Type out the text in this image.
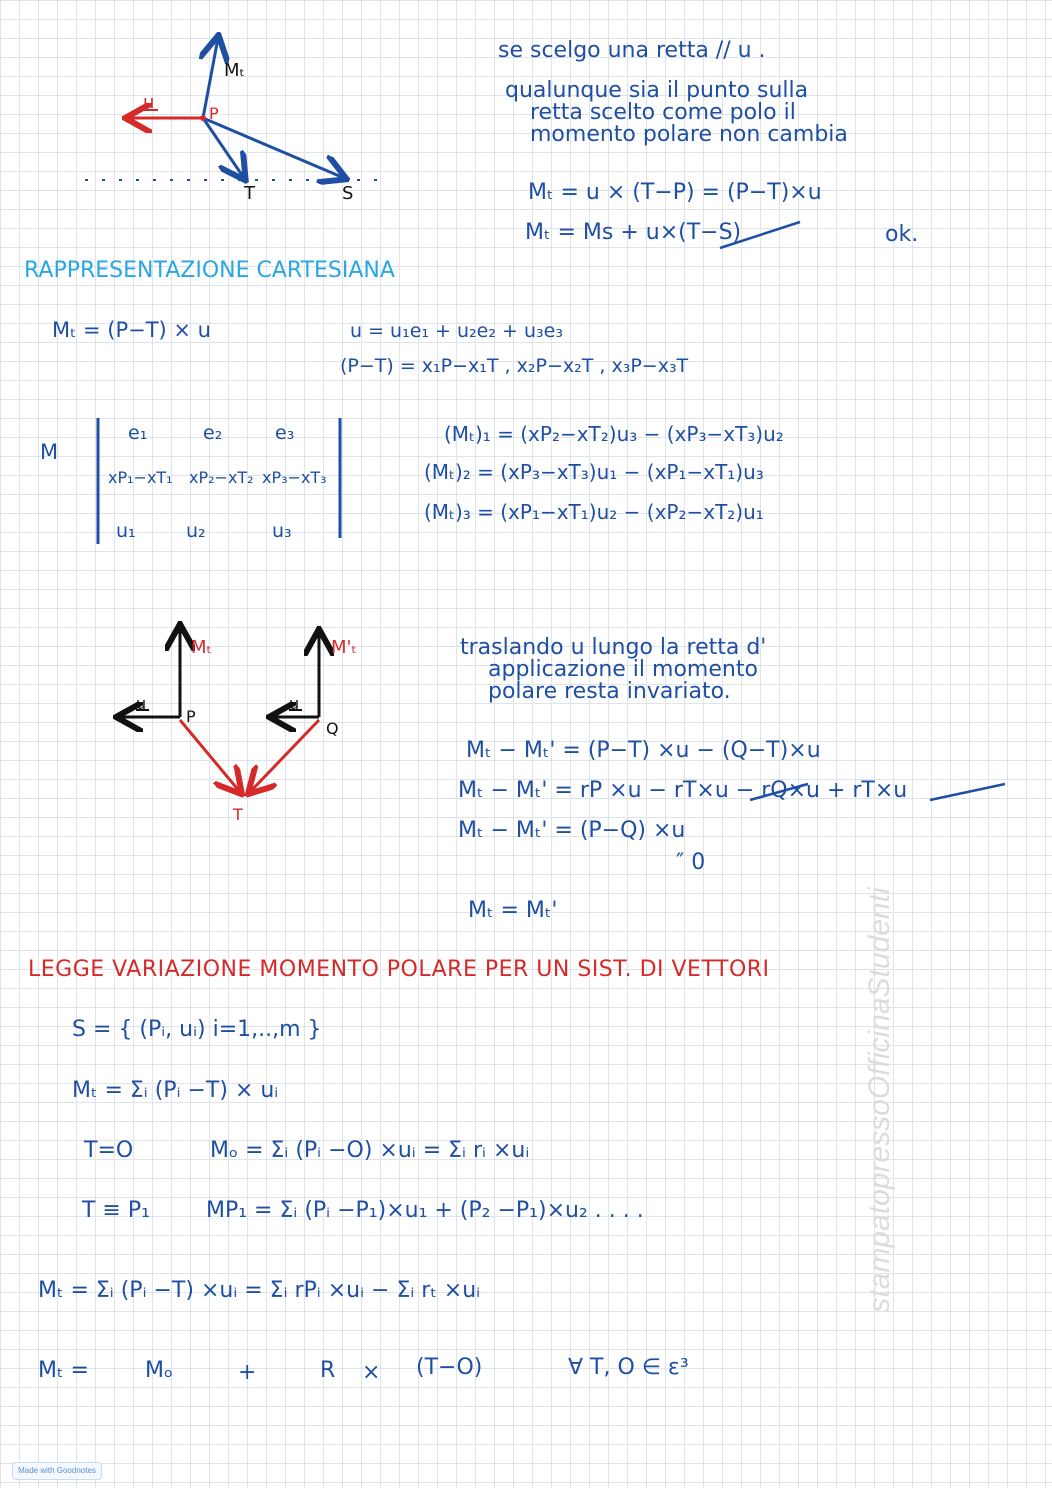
Mₜ
u
P
T	S
se scelgo una retta // u .
qualunque sia il punto sulla
retta scelto come polo il
momento polare non cambia
Mₜ = u × (T−P) = (P−T)×u
Mₜ = Ms + u×(T−S)	ok.
RAPPRESENTAZIONE CARTESIANA
Mₜ = (P−T) × u	u = u₁e₁ + u₂e₂ + u₃e₃
(P−T) = x₁P−x₁T , x₂P−x₂T , x₃P−x₃T
M
e₁	e₂	e₃
xP₁−xT₁ xP₂−xT₂ xP₃−xT₃
u₁	u₂	u₃
(Mₜ)₁ = (xP₂−xT₂)u₃ − (xP₃−xT₃)u₂
(Mₜ)₂ = (xP₃−xT₃)u₁ − (xP₁−xT₁)u₃
(Mₜ)₃ = (xP₁−xT₁)u₂ − (xP₂−xT₂)u₁
Mₜ	M'ₜ
u
P
u
Q
T
traslando u lungo la retta d'
applicazione il momento
polare resta invariato.
Mₜ − Mₜ' = (P−T) ×u − (Q−T)×u
Mₜ − Mₜ' = rP ×u − rT×u − rQ×u + rT×u
Mₜ − Mₜ' = (P−Q) ×u
″ 0
Mₜ = Mₜ'
LEGGE VARIAZIONE MOMENTO POLARE PER UN SIST. DI VETTORI
S = { (Pᵢ, uᵢ) i=1,..,m }
Mₜ = Σᵢ (Pᵢ −T) × uᵢ
T=O	Mₒ = Σᵢ (Pᵢ −O) ×uᵢ = Σᵢ rᵢ ×uᵢ
T ≡ P₁	MP₁ = Σᵢ (Pᵢ −P₁)×u₁ + (P₂ −P₁)×u₂ . . . .
Mₜ = Σᵢ (Pᵢ −T) ×uᵢ = Σᵢ rPᵢ ×uᵢ − Σᵢ rₜ ×uᵢ
Mₜ =	Mₒ	+	R × (T−O)	∀ T, O ∈ ε³
stampatopressoOfficinaStudenti
Made with Goodnotes
